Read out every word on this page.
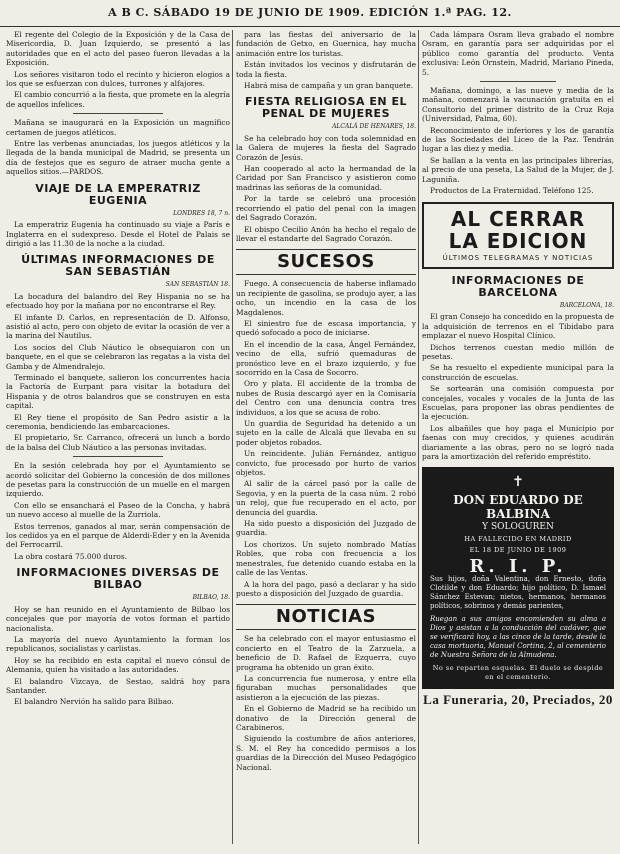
A B C. SÁBADO 19 DE JUNIO DE 1909. EDICIÓN 1.ª PAG. 12.

El regente del Colegio de la Exposición y de la Casa de Misericordia, D. Juan Izquierdo, se presentó a las autoridades que en el acto del paseo fueron llevadas a la Exposición.

Los señores visitaron todo el recinto y hicieron elogios a los que se esfuerzan con dulces, turrones y alfajores.

El cambio concurrió a la fiesta, que promete en la alegría de aquellos infelices.

Mañana se inaugurará en la Exposición un magnífico certamen de juegos atléticos.

Entre las verbenas anunciadas, los juegos atléticos y la llegada de la banda municipal de Madrid, se presenta un día de festejos que es seguro de atraer mucha gente a aquellos sitios.—PARDOS.

VIAJE DE LA EMPERATRIZ EUGENIA
LONDRES 18, 7 n.

La emperatriz Eugenia ha continuado su viaje a París e Inglaterra en el sudexpreso. Desde el Hotel de Palais se dirigió a las 11.30 de la noche a la ciudad.

ÚLTIMAS INFORMACIONES DE SAN SEBASTIÁN
SAN SEBASTIÁN 18.

La bocadura del balandro del Rey Hispania no se ha efectuado hoy por la mañana por no encontrarse el Rey.

El infante D. Carlos, en representación de D. Alfonso, asistió al acto, pero con objeto de evitar la ocasión de ver a la marina del Nautilus.

Los socios del Club Náutico le obsequiaron con un banquete, en el que se celebraron las regatas a la vista del Gamba y de Almendralejo.

Terminado el banquete, salieron los concurrentes hacia la Factoría de Eurpant para visitar la botadura del Hispania y de otros balandros que se construyen en esta capital.

El Rey tiene el propósito de San Pedro asistir a la ceremonia, bendiciendo las embarcaciones.

El propietario, Sr. Carranco, ofrecerá un lunch a bordo de la balsa del Club Náutico a las personas invitadas.

En la sesión celebrada hoy por el Ayuntamiento se acordó solicitar del Gobierno la concesión de dos millones de pesetas para la construcción de un muelle en el margen izquierdo.

Con ello se ensanchará el Paseo de la Concha, y habrá un nuevo acceso al muelle de la Zurriola.

Estos terrenos, ganados al mar, serán compensación de los cedidos ya en el parque de Alderdi-Eder y en la Avenida del Ferrocarril.

La obra costará 75.000 duros.

INFORMACIONES DIVERSAS DE BILBAO
BILBAO, 18.

Hoy se han reunido en el Ayuntamiento de Bilbao los concejales que por mayoría de votos forman el partido nacionalista.

La mayoría del nuevo Ayuntamiento la forman los republicanos, socialistas y carlistas.

Hoy se ha recibido en esta capital el nuevo cónsul de Alemania, quien ha visitado a las autoridades.

El balandro Vizcaya, de Sestao, saldrá hoy para Santander.

El balandro Nervión ha salido para Bilbao.

para las fiestas del aniversario de la fundación de Getxo, en Guernica, hay mucha animación entre los turistas.

Están invitados los vecinos y disfrutarán de toda la fiesta.

Habrá misa de campaña y un gran banquete.

FIESTA RELIGIOSA EN EL PENAL DE MUJERES
ALCALÁ DE HENARES, 18.

Se ha celebrado hoy con toda solemnidad en la Galera de mujeres la fiesta del Sagrado Corazón de Jesús.

Han cooperado al acto la hermandad de la Caridad por San Francisco y asistieron como madrinas las señoras de la comunidad.

Por la tarde se celebró una procesión recorriendo el patio del penal con la imagen del Sagrado Corazón.

El obispo Cecilio Anón ha hecho el regalo de llevar el estandarte del Sagrado Corazón.

SUCESOS

Fuego. A consecuencia de haberse inflamado un recipiente de gasolina, se produjo ayer, a las ocho, un incendio en la casa de los Magdalenos.

El siniestro fue de escasa importancia, y quedó sofocado a poco de iniciarse.

En el incendio de la casa, Ángel Fernández, vecino de ella, sufrió quemaduras de pronóstico leve en el brazo izquierdo, y fue socorrido en la Casa de Socorro.

Oro y plata. El accidente de la tromba de nubes de Rusia descargó ayer en la Comisaría del Centro con una denuncia contra tres individuos, a los que se acusa de robo.

Un guardia de Seguridad ha detenido a un sujeto en la calle de Alcalá que llevaba en su poder objetos robados.

Un reincidente. Julián Fernández, antiguo convicto, fue procesado por hurto de varios objetos.

Al salir de la cárcel pasó por la calle de Segovia, y en la puerta de la casa núm. 2 robó un reloj, que fue recuperado en el acto, por denuncia del guardia.

Ha sido puesto a disposición del Juzgado de guardia.

Los chorizos. Un sujeto nombrado Matías Robles, que roba con frecuencia a los menestrales, fue detenido cuando estaba en la calle de las Ventas.

A la hora del pago, pasó a declarar y ha sido puesto a disposición del Juzgado de guardia.

NOTICIAS

Se ha celebrado con el mayor entusiasmo el concierto en el Teatro de la Zarzuela, a beneficio de D. Rafael de Ezquerra, cuyo programa ha obtenido un gran éxito.

La concurrencia fue numerosa, y entre ella figuraban muchas personalidades que asistieron a la ejecución de las piezas.

En el Gobierno de Madrid se ha recibido un donativo de la Dirección general de Carabineros.

Siguiendo la costumbre de años anteriores, S. M. el Rey ha concedido permisos a los guardias de la Dirección del Museo Pedagógico Nacional.

Cada lámpara Osram lleva grabado el nombre Osram, en garantía para ser adquiridas por el público como garantía del producto. Venta exclusiva: León Ornstein, Madrid, Mariano Pineda, 5.

Mañana, domingo, a las nueve y media de la mañana, comenzará la vacunación gratuita en el Consultorio del primer distrito de la Cruz Roja (Universidad, Palma, 60).

Reconocimiento de inferiores y los de garantía de las Sociedades del Liceo de la Paz. Tendrán lugar a las diez y media.

Se hallan a la venta en las principales librerías, al precio de una peseta, La Salud de la Mujer, de J. Laguniña.

Productos de La Fraternidad. Teléfono 125.

AL CERRAR
LA EDICION
ÚLTIMOS TELEGRAMAS Y NOTICIAS
INFORMACIONES DE BARCELONA
BARCELONA, 18.

El gran Consejo ha concedido en la propuesta de la adquisición de terrenos en el Tibidabo para emplazar el nuevo Hospital Clínico.

Dichos terrenos cuestan medio millón de pesetas.

Se ha resuelto el expediente municipal para la construcción de escuelas.

Se sortearán una comisión compuesta por concejales, vocales y vocales de la Junta de las Escuelas, para proponer las obras pendientes de la ejecución.

Los albañiles que hoy paga el Municipio por faenas con muy crecidos, y quienes acudirán diariamente a las obras, pero no se logró nada para la amortización del referido empréstito.

✝
DON EDUARDO DE BALBINA
Y SOLOGUREN
HA FALLECIDO EN MADRID
EL 18 DE JUNIO DE 1909
R. I. P.
Sus hijos, doña Valentina, don Ernesto, doña Clotilde y don Eduardo; hijo político, D. Ismael Sánchez Estevan; nietos, hermanos, hermanos políticos, sobrinos y demás parientes,
Ruegan a sus amigos encomienden su alma a Dios y asistan a la conducción del cadáver, que se verificará hoy, a las cinco de la tarde, desde la casa mortuoria, Manuel Cortina, 2, al cementerio de Nuestra Señora de la Almudena.
No se reparten esquelas. El duelo se despide en el cementerio.
La Funeraria, 20, Preciados, 20
